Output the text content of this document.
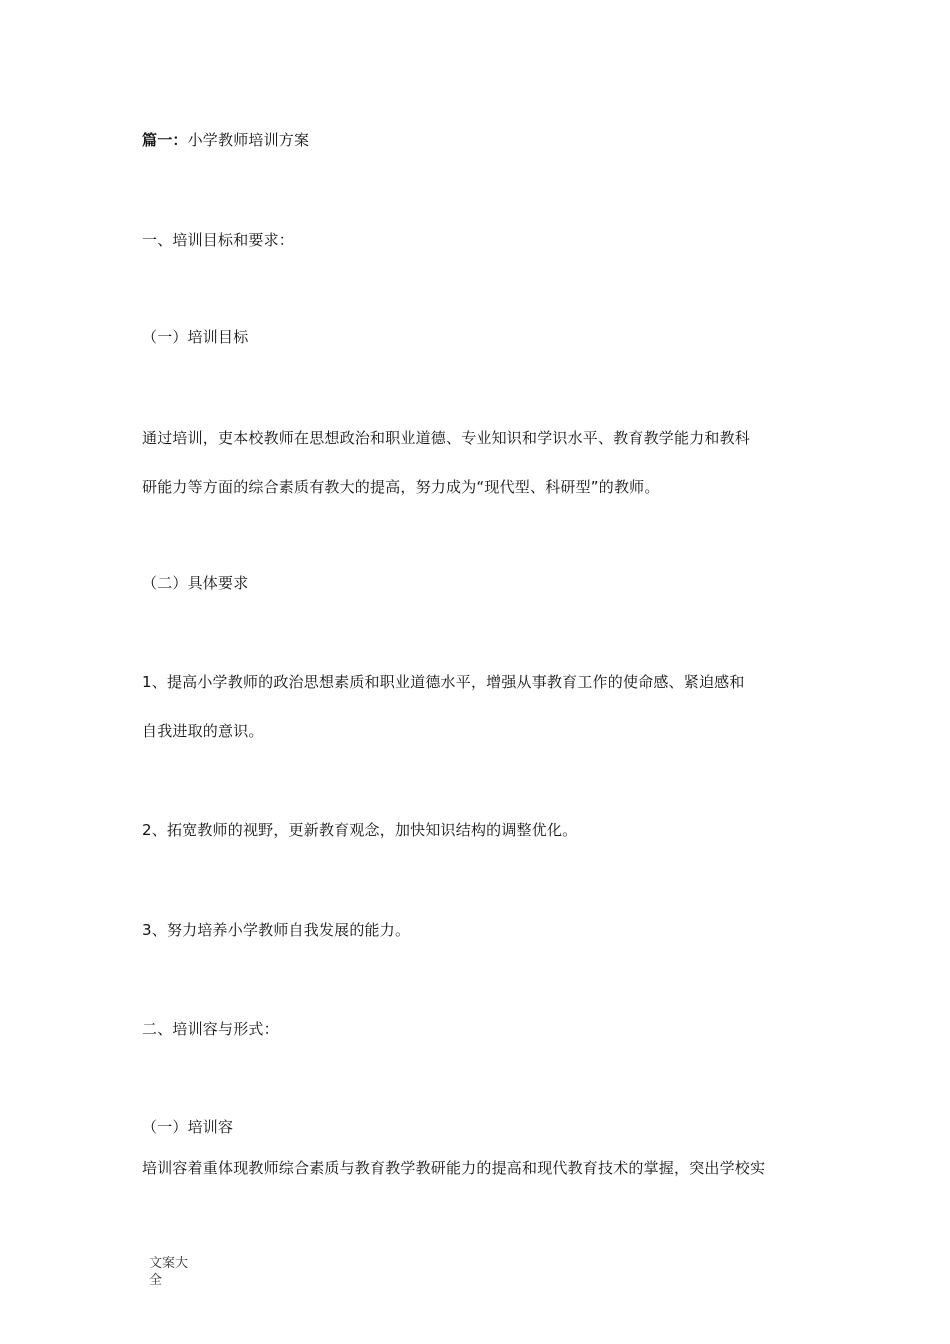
篇一：小学教师培训方案
一、培训目标和要求：
（一）培训目标
通过培训，吏本校教师在思想政治和职业道德、专业知识和学识水平、教育教学能力和教科
研能力等方面的综合素质有教大的提高，努力成为“现代型、科研型”的教师。
（二）具体要求
1、提高小学教师的政治思想素质和职业道德水平，增强从事教育工作的使命感、紧迫感和
自我进取的意识。
2、拓宽教师的视野，更新教育观念，加快知识结构的调整优化。
3、努力培养小学教师自我发展的能力。
二、培训容与形式：
（一）培训容
培训容着重体现教师综合素质与教育教学教研能力的提高和现代教育技术的掌握，突出学校实
文案大
全
